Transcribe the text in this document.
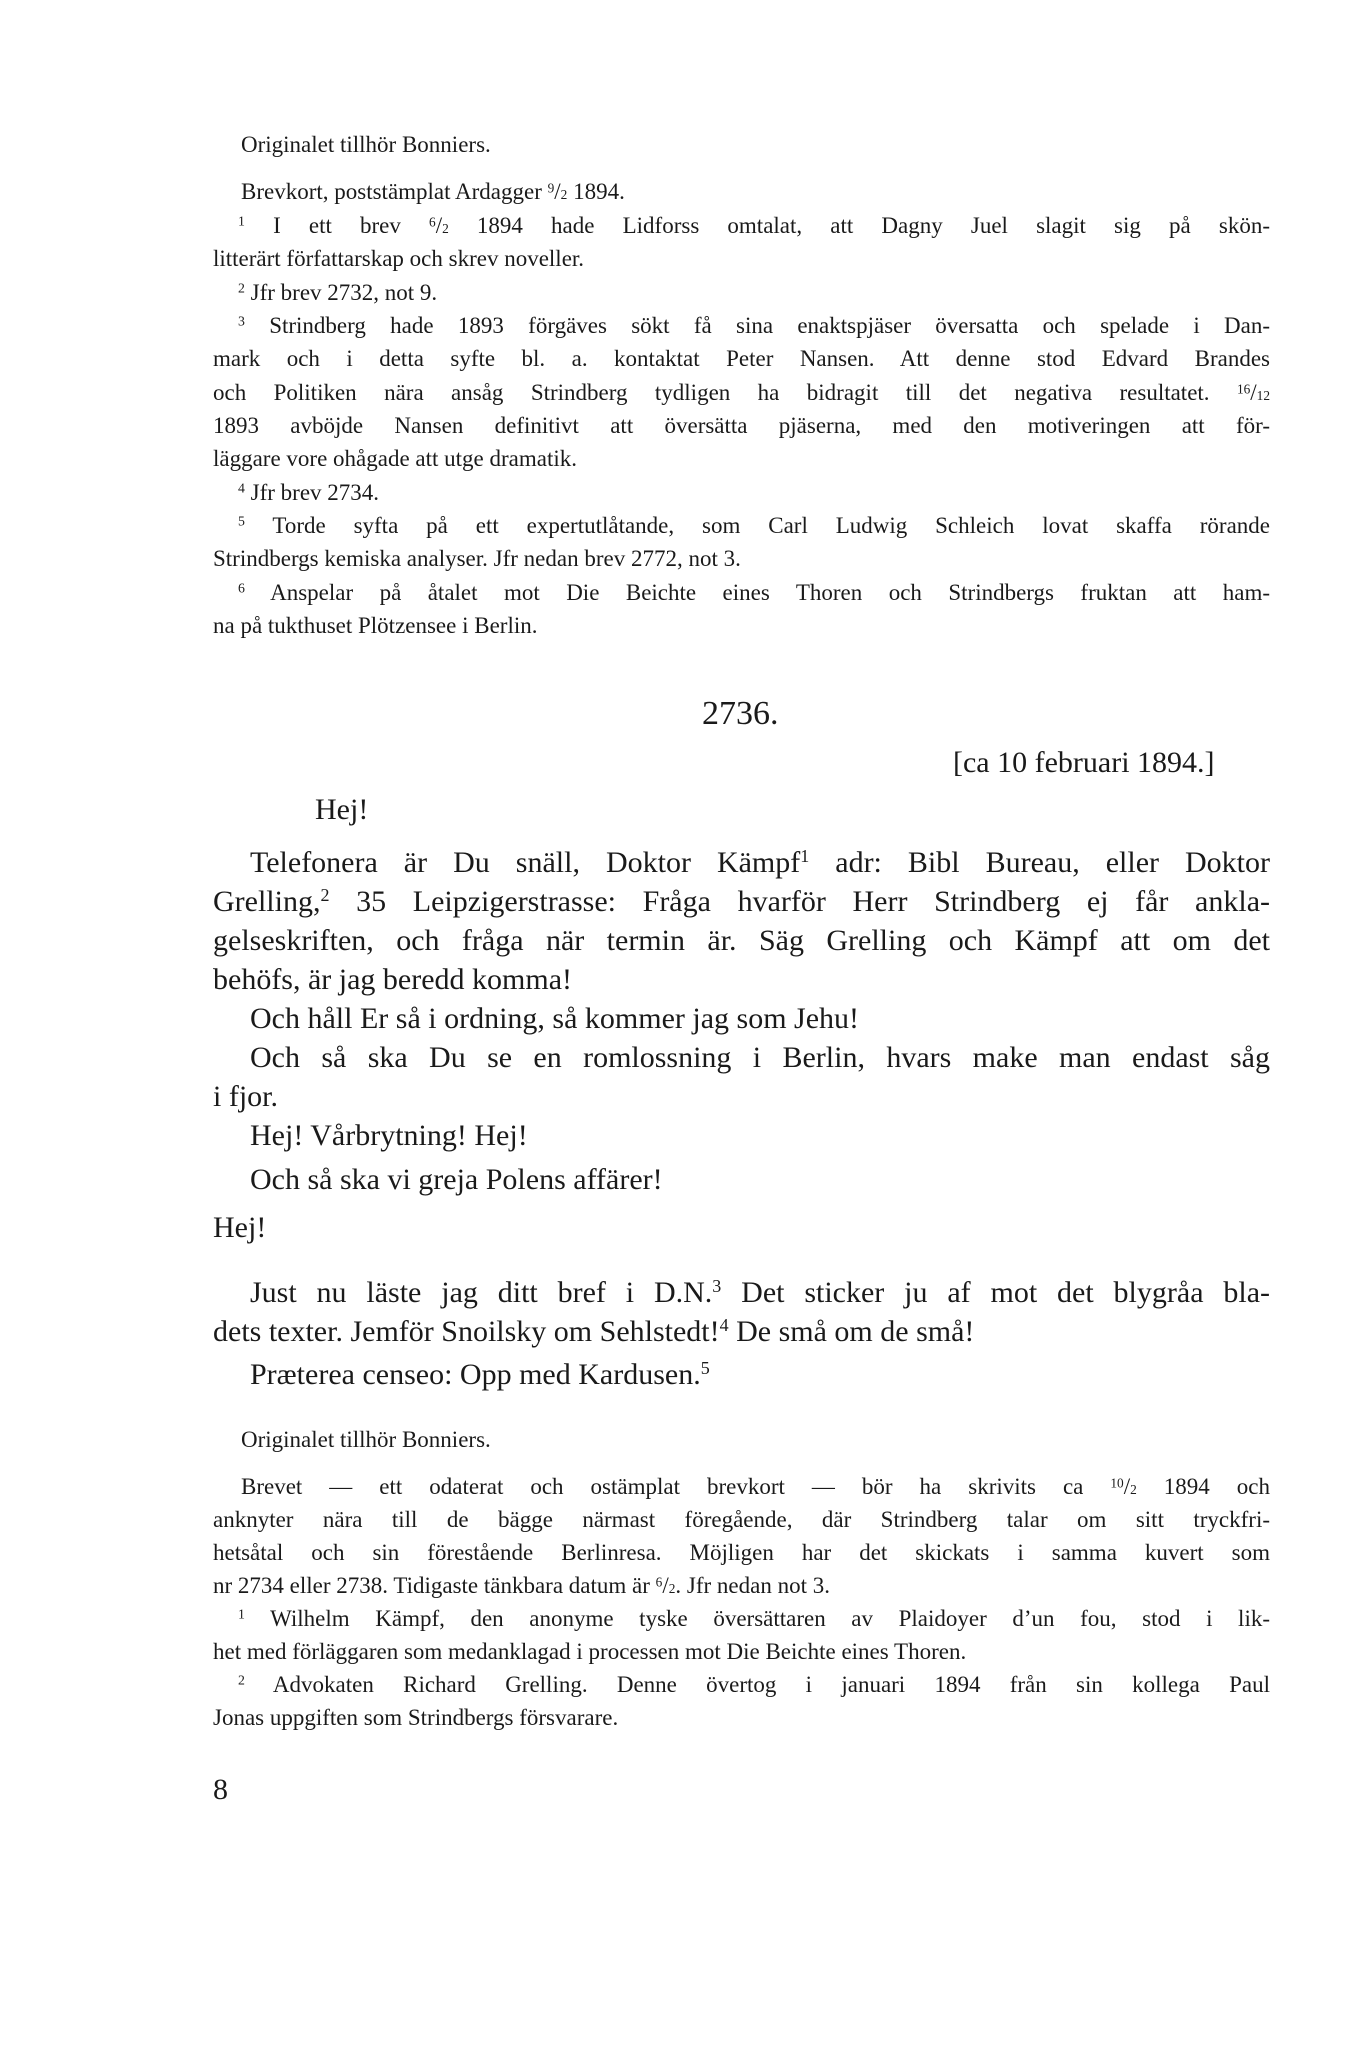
Originalet tillhör Bonniers.
Brevkort, poststämplat Ardagger $^9$/2 1894.
$^1$ I ett brev $^6$/2 1894 hade Lidforss omtalat, att Dagny Juel slagit sig på skön-
litterärt författarskap och skrev noveller.
$^2$ Jfr brev 2732, not 9.
$^3$ Strindberg hade 1893 förgäves sökt få sina enaktspjäser översatta och spelade i Dan-
mark och i detta syfte bl. a. kontaktat Peter Nansen. Att denne stod Edvard Brandes
och Politiken nära ansåg Strindberg tydligen ha bidragit till det negativa resultatet. $^{16}$/12
1893 avböjde Nansen definitivt att översätta pjäserna, med den motiveringen att för-
läggare vore ohågade att utge dramatik.
$^4$ Jfr brev 2734.
$^5$ Torde syfta på ett expertutlåtande, som Carl Ludwig Schleich lovat skaffa rörande
Strindbergs kemiska analyser. Jfr nedan brev 2772, not 3.
$^6$ Anspelar på åtalet mot Die Beichte eines Thoren och Strindbergs fruktan att ham-
na på tukthuset Plötzensee i Berlin.
2736.
[ca 10 februari 1894.]
Hej!
Telefonera är Du snäll, Doktor Kämpf$^1$ adr: Bibl Bureau, eller Doktor
Grelling,$^2$ 35 Leipzigerstrasse: Fråga hvarför Herr Strindberg ej får ankla-
gelseskriften, och fråga när termin är. Säg Grelling och Kämpf att om det
behöfs, är jag beredd komma!
Och håll Er så i ordning, så kommer jag som Jehu!
Och så ska Du se en romlossning i Berlin, hvars make man endast såg
i fjor.
Hej! Vårbrytning! Hej!
Och så ska vi greja Polens affärer!
Hej!
Just nu läste jag ditt bref i D.N.$^3$ Det sticker ju af mot det blygråa bla-
dets texter. Jemför Snoilsky om Sehlstedt!$^4$ De små om de små!
Præterea censeo: Opp med Kardusen.$^5$
Originalet tillhör Bonniers.
Brevet — ett odaterat och ostämplat brevkort — bör ha skrivits ca $^{10}$/2 1894 och
anknyter nära till de bägge närmast föregående, där Strindberg talar om sitt tryckfri-
hetsåtal och sin förestående Berlinresa. Möjligen har det skickats i samma kuvert som
nr 2734 eller 2738. Tidigaste tänkbara datum är $^6$/2. Jfr nedan not 3.
$^1$ Wilhelm Kämpf, den anonyme tyske översättaren av Plaidoyer d’un fou, stod i lik-
het med förläggaren som medanklagad i processen mot Die Beichte eines Thoren.
$^2$ Advokaten Richard Grelling. Denne övertog i januari 1894 från sin kollega Paul
Jonas uppgiften som Strindbergs försvarare.
8
